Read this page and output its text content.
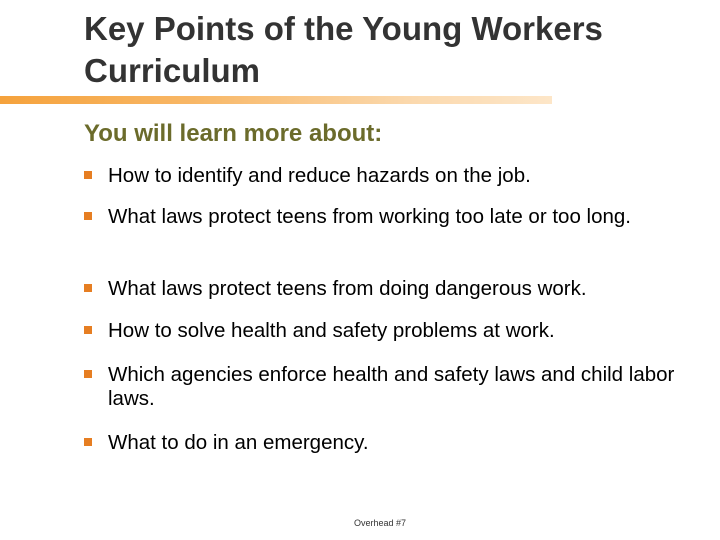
Key Points of the Young Workers Curriculum
You will learn more about:
How to identify and reduce hazards on the job.
What laws protect teens from working too late or too long.
What laws protect teens from doing dangerous work.
How to solve health and safety problems at work.
Which agencies enforce health and safety laws and child labor laws.
What to do in an emergency.
Overhead #7
